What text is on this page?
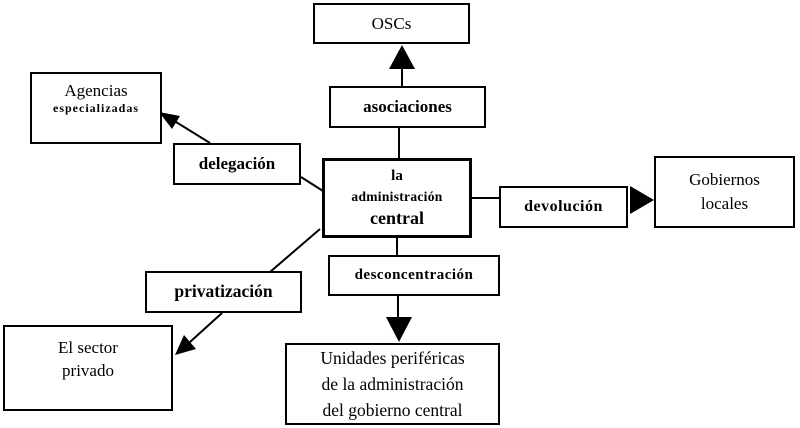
OSCs
asociaciones
Agencias
especializadas
delegación
la
administración
central
devolución
Gobiernos
locales
desconcentración
privatización
El sector
privado
Unidades periféricas
de la administración
del gobierno central
